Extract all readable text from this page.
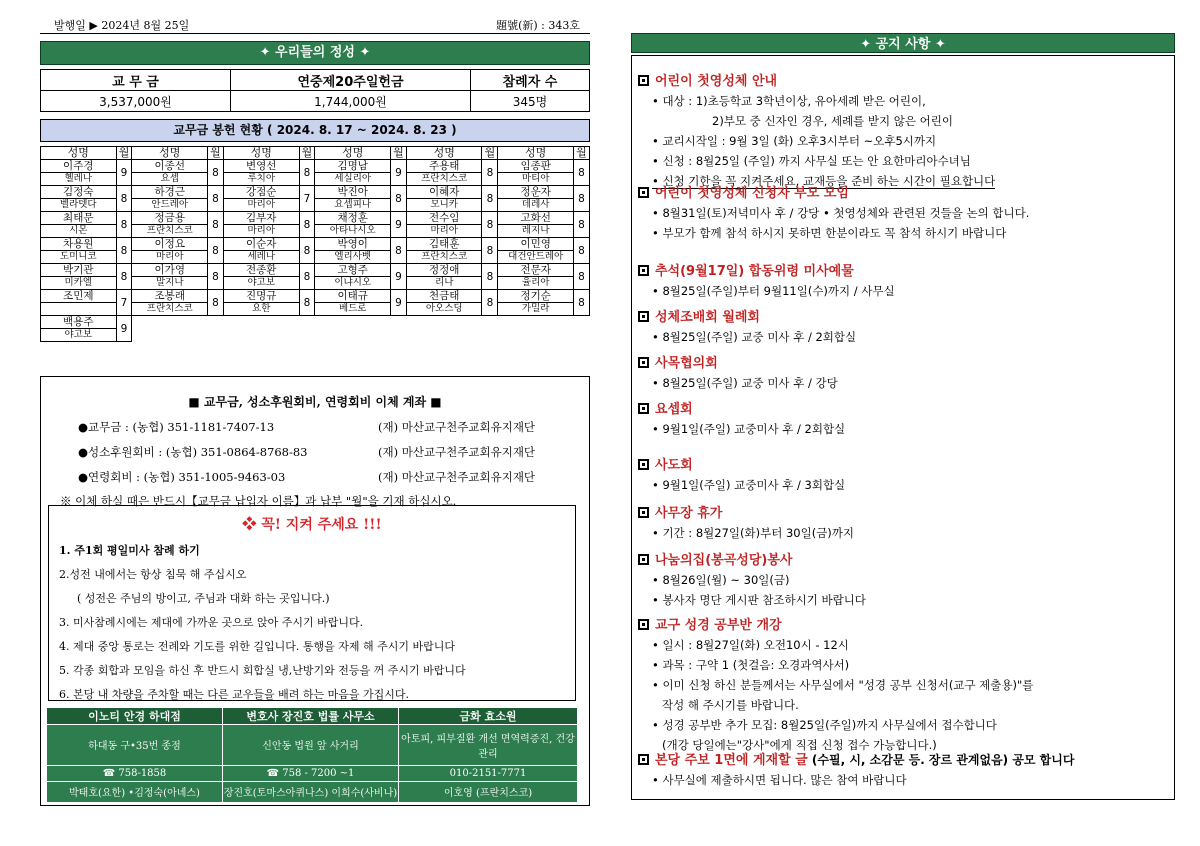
발행일 ▶ 2024년 8월 25일	題號(新) : 343호
✦ 우리들의 정성 ✦
교 무 금	연중제20주일헌금	참례자 수
3,537,000원	1,744,000원	345명
교무금 봉헌 현황 ( 2024. 8. 17 ~ 2024. 8. 23 )
성명	월	성명	월	성명	월	성명	월	성명	월	성명	월
이주경	9	이종선	8	변영선	8	김명남	9	주용태	8	임종판	8
헬레나		요셉		루치아		세실리아		프란치스코		마티아	
김정숙	8	하경근	8	강점순	7	박진아	8	이혜자	8	정운자	8
벨라뎃다		안드레아		마리아		요셉피나		모니카		데레사	
최태문	8	정금용	8	김부자	8	채정훈	9	전수임	8	고화선	8
시몬		프란치스코		마리아		아타나시오		마리아		레지나	
차용원	8	이정요	8	이순자	8	박영이	8	김태훈	8	이민영	8
도미니코		마리아		세레나		엘리사벳		프란치스코		대건안드레아	
박기관	8	이가영	8	전종환	8	고형주	9	정정애	8	전문자	8
미카엘		말지나		야고보		이냐시오		리나		율리아	
조민제	7	조봉래	8	진명규	8	이태규	9	천금태	8	정기순	8
		프란치스코		요한		베드로		아오스딩		가밀라	
백용주	9										
야고보											
■ 교무금, 성소후원회비, 연령회비 이체 계좌 ■
●교무금 : (농협) 351-1181-7407-13	(재) 마산교구천주교회유지재단
●성소후원회비 : (농협) 351-0864-8768-83	(재) 마산교구천주교회유지재단
●연령회비 : (농협) 351-1005-9463-03	(재) 마산교구천주교회유지재단
※ 이체 하실 때은 반드시【교무금 납입자 이름】과 납부 "월"을 기재 하십시오.
❖ 꼭! 지켜 주세요 !!!

1. 주1회 평일미사 참례 하기

2.성전 내에서는 항상 침묵 해 주십시오

( 성전은 주님의 방이고, 주님과 대화 하는 곳입니다.)

3. 미사참례시에는 제대에 가까운 곳으로 앉아 주시기 바랍니다.

4. 제대 중앙 통로는 전례와 기도를 위한 길입니다. 통행을 자제 해 주시기 바랍니다

5. 각종 회합과 모임을 하신 후 반드시 회합실 냉,난방기와 전등을 꺼 주시기 바랍니다

6. 본당 내 차량을 주차할 때는 다른 교우들을 배려 하는 마음을 가집시다.

이노티 안경 하대점	변호사 장진호 법률 사무소	금화 효소원
하대동 구•35번 종점	신안동 법원 앞 사거리	아토피, 피부질환 개선 면역력증진, 건강관리
☎ 758-1858	☎ 758 - 7200 ~1	010-2151-7771
박태호(요한) •김정숙(아녜스)	장진호(토마스아퀴나스) 이희수(사비나)	이호영 (프란치스코)
✦ 공지 사항 ✦
어린이 첫영성체 안내
• 대상 : 1)초등학교 3학년이상, 유아세례 받은 어린이,
2)부모 중 신자인 경우, 세례를 받지 않은 어린이
• 교리시작일 : 9월 3일 (화) 오후3시부터 ~오후5시까지
• 신청 : 8월25일 (주일) 까지 사무실 또는 안 요한마리아수녀님
• 신청 기한을 꼭 지켜주세요, 교재등을 준비 하는 시간이 필요합니다
어린이 첫영성체 신청자 부모 모임
• 8월31일(토)저녁미사 후 / 강당 • 첫영성체와 관련된 것들을 논의 합니다.
• 부모가 함께 참석 하시지 못하면 한분이라도 꼭 참석 하시기 바랍니다
추석(9월17일) 합동위령 미사예물
• 8월25일(주일)부터 9월11일(수)까지 / 사무실
성체조배회 월례회
• 8월25일(주일) 교중 미사 후 / 2회합실
사목협의회
• 8월25일(주일) 교중 미사 후 / 강당
요셉회
• 9월1일(주일) 교중미사 후 / 2회합실
사도회
• 9월1일(주일) 교중미사 후 / 3회합실
사무장 휴가
• 기간 : 8월27일(화)부터 30일(금)까지
나눔의집(봉곡성당)봉사
• 8월26일(월) ~ 30일(금)
• 봉사자 명단 게시판 참조하시기 바랍니다
교구 성경 공부반 개강
• 일시 : 8월27일(화) 오전10시 - 12시
• 과목 : 구약 1 (첫걸음: 오경과역사서)
• 이미 신청 하신 분들께서는 사무실에서 "성경 공부 신청서(교구 제출용)"를
작성 해 주시기를 바랍니다.
• 성경 공부반 추가 모집: 8월25일(주일)까지 사무실에서 접수합니다
(개강 당일에는"강사"에게 직접 신청 접수 가능합니다.)
본당 주보 1면에 게재할 글 (수필, 시, 소감문 등. 장르 관계없음) 공모 합니다
• 사무실에 제출하시면 됩니다. 많은 참여 바랍니다
